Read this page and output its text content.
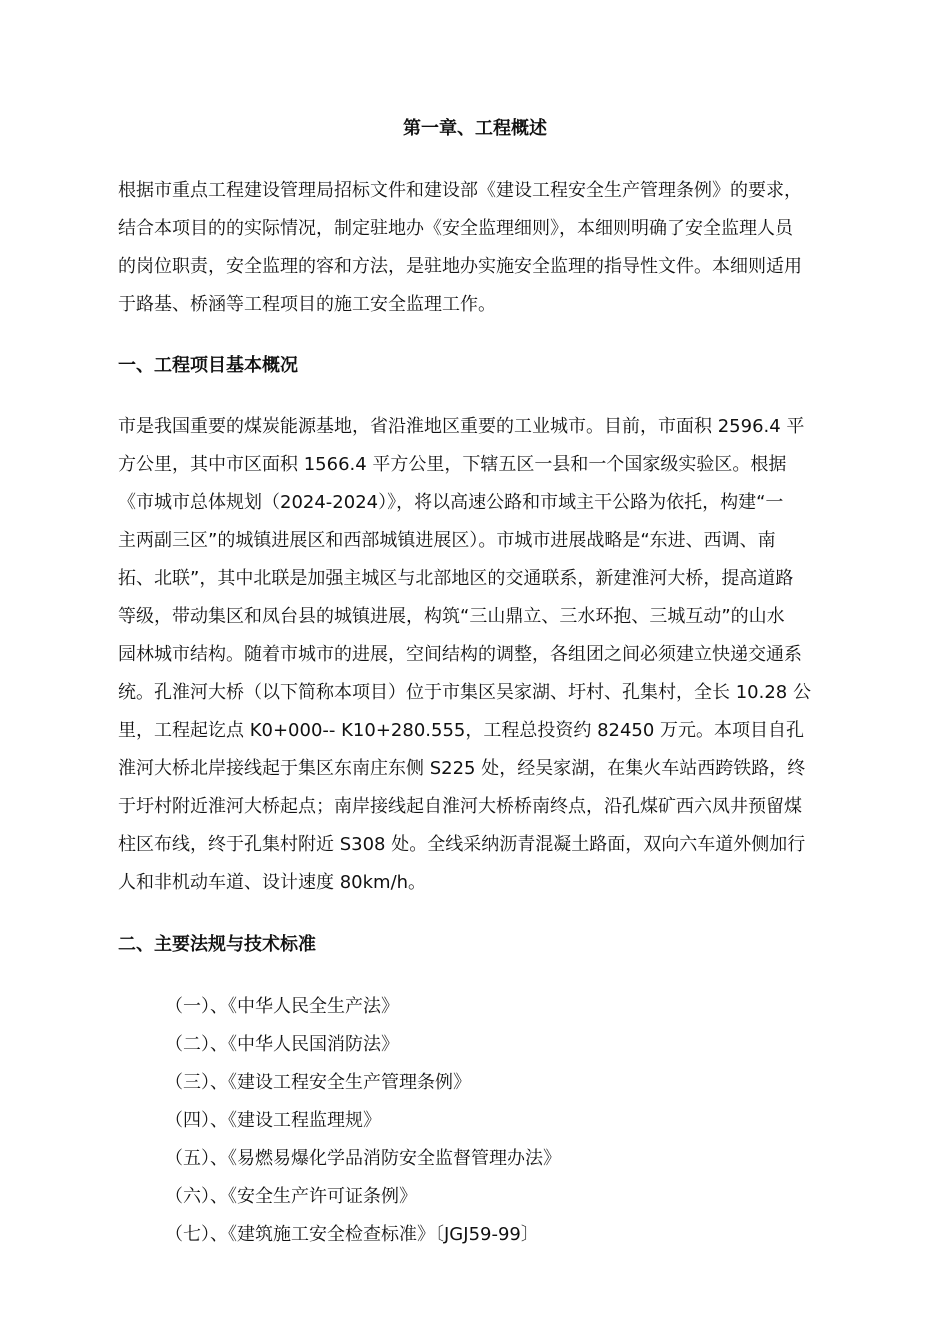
第一章、工程概述

根据市重点工程建设管理局招标文件和建设部《建设工程安全生产管理条例》的要求，
结合本项目的的实际情况，制定驻地办《安全监理细则》，本细则明确了安全监理人员
的岗位职责，安全监理的容和方法，是驻地办实施安全监理的指导性文件。本细则适用
于路基、桥涵等工程项目的施工安全监理工作。

一、工程项目基本概况

市是我国重要的煤炭能源基地，省沿淮地区重要的工业城市。目前，市面积 2596.4 平
方公里，其中市区面积 1566.4 平方公里，下辖五区一县和一个国家级实验区。根据
《市城市总体规划（2024-2024）》，将以高速公路和市域主干公路为依托，构建“一
主两副三区”的城镇进展区和西部城镇进展区）。市城市进展战略是“东进、西调、南
拓、北联”，其中北联是加强主城区与北部地区的交通联系，新建淮河大桥，提高道路
等级，带动集区和凤台县的城镇进展，构筑“三山鼎立、三水环抱、三城互动”的山水
园林城市结构。随着市城市的进展，空间结构的调整，各组团之间必须建立快递交通系
统。孔淮河大桥（以下简称本项目）位于市集区吴家湖、圩村、孔集村，全长 10.28 公
里，工程起讫点 K0+000-- K10+280.555，工程总投资约 82450 万元。本项目自孔
淮河大桥北岸接线起于集区东南庄东侧 S225 处，经吴家湖，在集火车站西跨铁路，终
于圩村附近淮河大桥起点；南岸接线起自淮河大桥桥南终点，沿孔煤矿西六凤井预留煤
柱区布线，终于孔集村附近 S308 处。全线采纳沥青混凝土路面，双向六车道外侧加行
人和非机动车道、设计速度 80km/h。

二、主要法规与技术标准
（一）、《中华人民全生产法》
（二）、《中华人民国消防法》
（三）、《建设工程安全生产管理条例》
（四）、《建设工程监理规》
（五）、《易燃易爆化学品消防安全监督管理办法》
（六）、《安全生产许可证条例》
（七）、《建筑施工安全检查标准》〔JGJ59-99〕
